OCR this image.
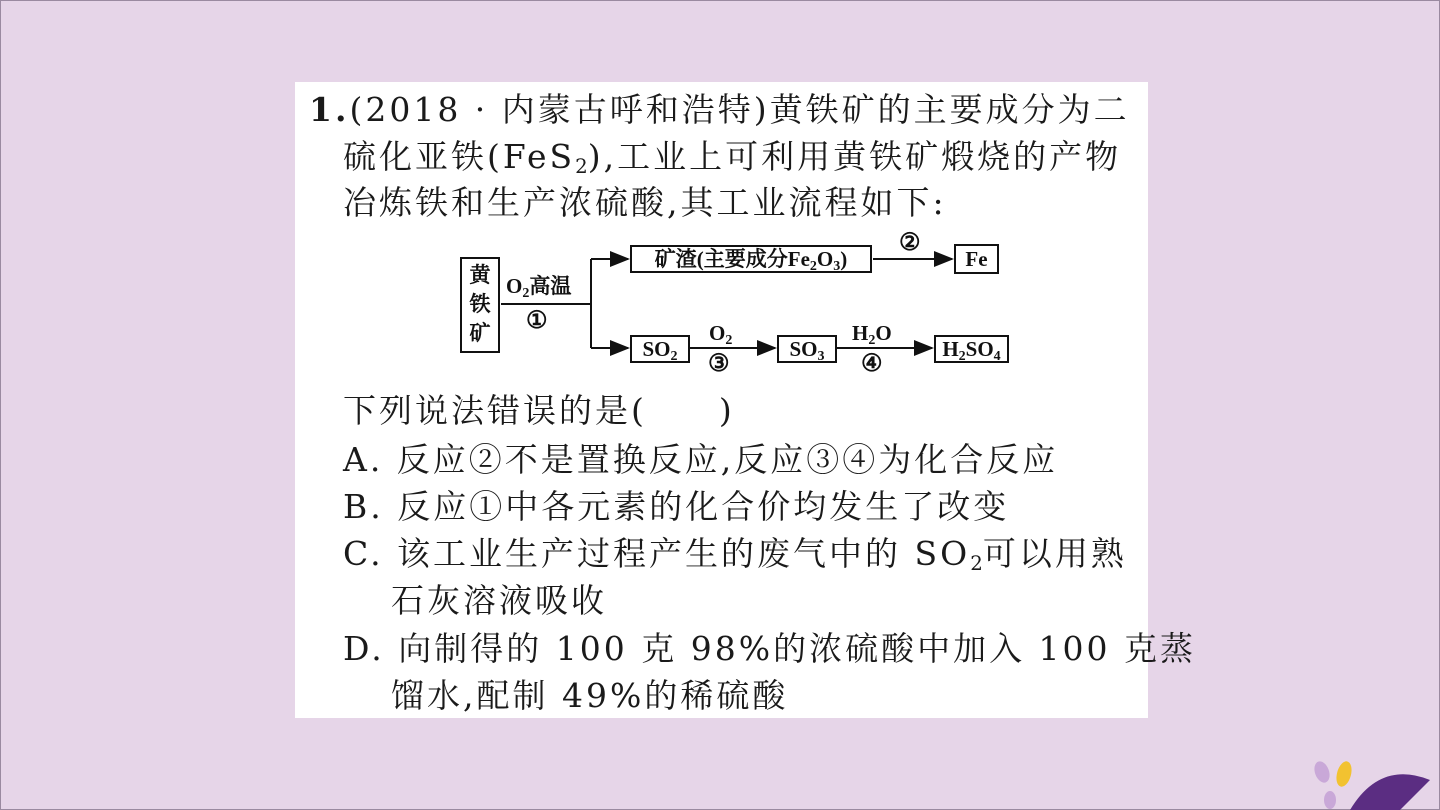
1.(2018 · 内蒙古呼和浩特)黄铁矿的主要成分为二
硫化亚铁(FeS$_2$),工业上可利用黄铁矿煅烧的产物
冶炼铁和生产浓硫酸,其工业流程如下:
黄
铁
矿
O2高温
①
矿渣(主要成分Fe2O3)
②
Fe
SO2
O2
③
SO3
H2O
④
H2SO4
下列说法错误的是(　　)
A. 反应②不是置换反应,反应③④为化合反应
B. 反应①中各元素的化合价均发生了改变
C. 该工业生产过程产生的废气中的 $SO_2$可以用熟
石灰溶液吸收
D. 向制得的 100 克 98%的浓硫酸中加入 100 克蒸
馏水,配制 49%的稀硫酸
